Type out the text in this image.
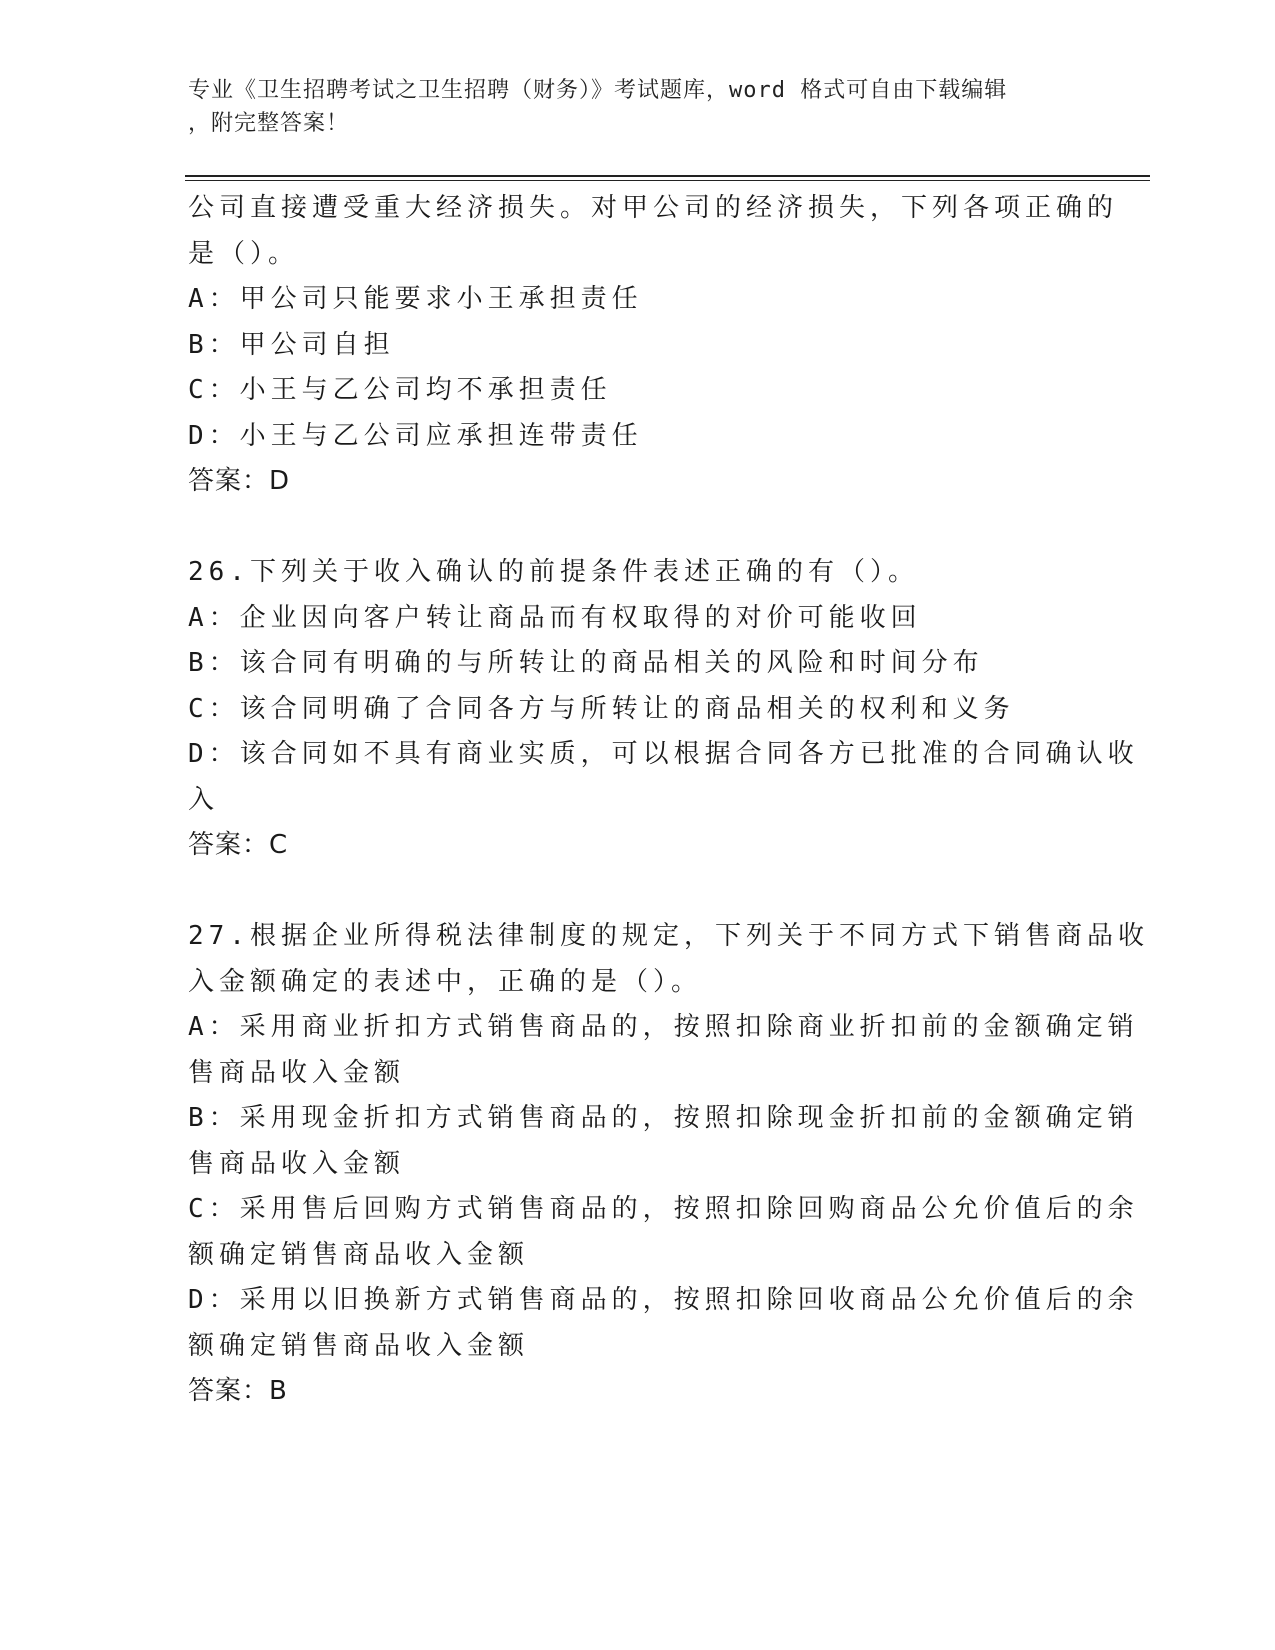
专业《卫生招聘考试之卫生招聘（财务）》考试题库，word 格式可自由下载编辑
，附完整答案！
公司直接遭受重大经济损失。对甲公司的经济损失，下列各项正确的
是（）。
A：甲公司只能要求小王承担责任
B：甲公司自担
C：小王与乙公司均不承担责任
D：小王与乙公司应承担连带责任
答案：D
26.下列关于收入确认的前提条件表述正确的有（）。
A：企业因向客户转让商品而有权取得的对价可能收回
B：该合同有明确的与所转让的商品相关的风险和时间分布
C：该合同明确了合同各方与所转让的商品相关的权利和义务
D：该合同如不具有商业实质，可以根据合同各方已批准的合同确认收
入
答案：C
27.根据企业所得税法律制度的规定，下列关于不同方式下销售商品收
入金额确定的表述中，正确的是（）。
A：采用商业折扣方式销售商品的，按照扣除商业折扣前的金额确定销
售商品收入金额
B：采用现金折扣方式销售商品的，按照扣除现金折扣前的金额确定销
售商品收入金额
C：采用售后回购方式销售商品的，按照扣除回购商品公允价值后的余
额确定销售商品收入金额
D：采用以旧换新方式销售商品的，按照扣除回收商品公允价值后的余
额确定销售商品收入金额
答案：B
